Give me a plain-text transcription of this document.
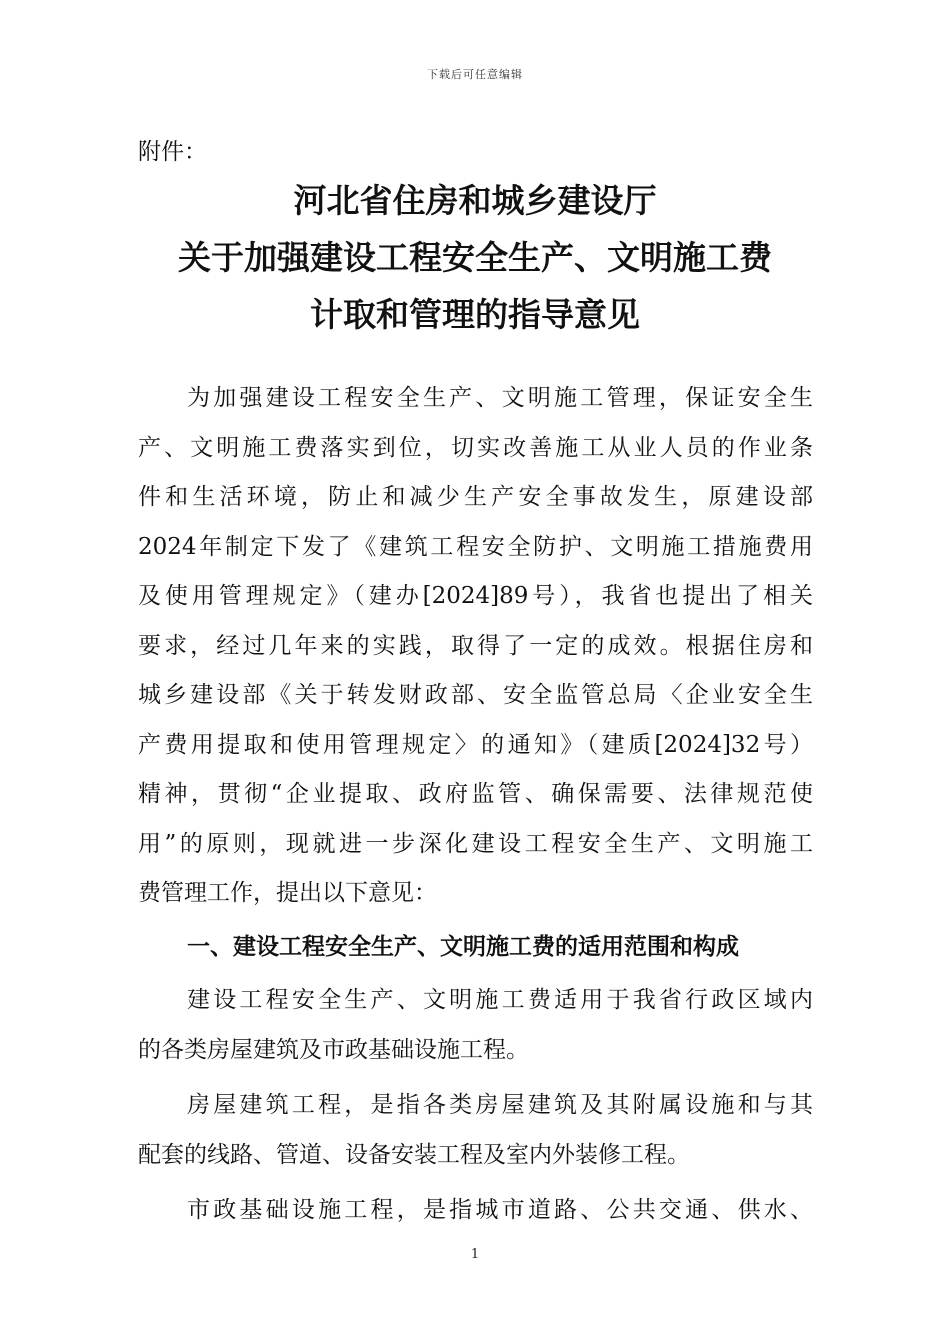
下载后可任意编辑
附件：
河北省住房和城乡建设厅
关于加强建设工程安全生产、文明施工费
计取和管理的指导意见
为加强建设工程安全生产、文明施工管理，保证安全生
产、文明施工费落实到位，切实改善施工从业人员的作业条
件和生活环境，防止和减少生产安全事故发生，原建设部
2024年制定下发了《建筑工程安全防护、文明施工措施费用
及使用管理规定》（建办[2024]89号），我省也提出了相关
要求，经过几年来的实践，取得了一定的成效。根据住房和
城乡建设部《关于转发财政部、安全监管总局〈企业安全生
产费用提取和使用管理规定〉的通知》（建质[2024]32号）
精神，贯彻“企业提取、政府监管、确保需要、法律规范使
用”的原则，现就进一步深化建设工程安全生产、文明施工
费管理工作，提出以下意见：
一、建设工程安全生产、文明施工费的适用范围和构成
建设工程安全生产、文明施工费适用于我省行政区域内
的各类房屋建筑及市政基础设施工程。
房屋建筑工程，是指各类房屋建筑及其附属设施和与其
配套的线路、管道、设备安装工程及室内外装修工程。
市政基础设施工程，是指城市道路、公共交通、供水、
1
